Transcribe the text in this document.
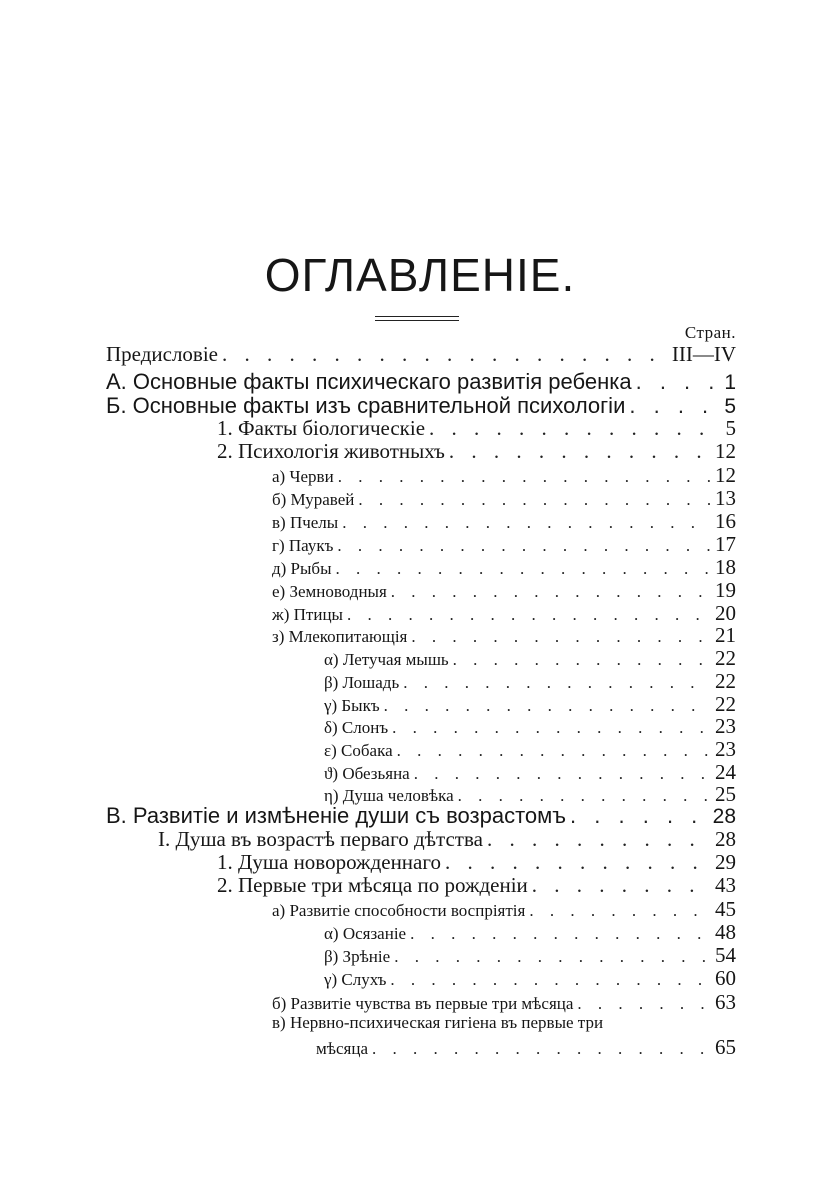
ОГЛАВЛЕНІЕ.
Стран.
Предисловіе . . .	III—IV
А. Основные факты психическаго развитія ребенка . . .	1
Б. Основные факты изъ сравнительной психологіи . . .	5
1. Факты біологическіе . . .	5
2. Психологія животныхъ . . .	12
а) Черви . . .	12
б) Муравей . . .	13
в) Пчелы . . .	16
г) Паукъ . . .	17
д) Рыбы . . .	18
е) Земноводныя . . .	19
ж) Птицы . . .	20
з) Млекопитающія . . .	21
α) Летучая мышь . . .	22
β) Лошадь . . .	22
γ) Быкъ . . .	22
δ) Слонъ . . .	23
ε) Собака . . .	23
ϑ) Обезьяна . . .	24
η) Душа человѣка . . .	25
В. Развитіе и измѣненіе души съ возрастомъ . . .	28
I. Душа въ возрастѣ перваго дѣтства . . .	28
1. Душа новорожденнаго . . .	29
2. Первые три мѣсяца по рожденіи . . .	43
а) Развитіе способности воспріятія . . .	45
α) Осязаніе . . .	48
β) Зрѣніе . . .	54
γ) Слухъ . . .	60
б) Развитіе чувства въ первые три мѣсяца . . .	63
в) Нервно-психическая гигіена въ первые три
мѣсяца . . .	65
